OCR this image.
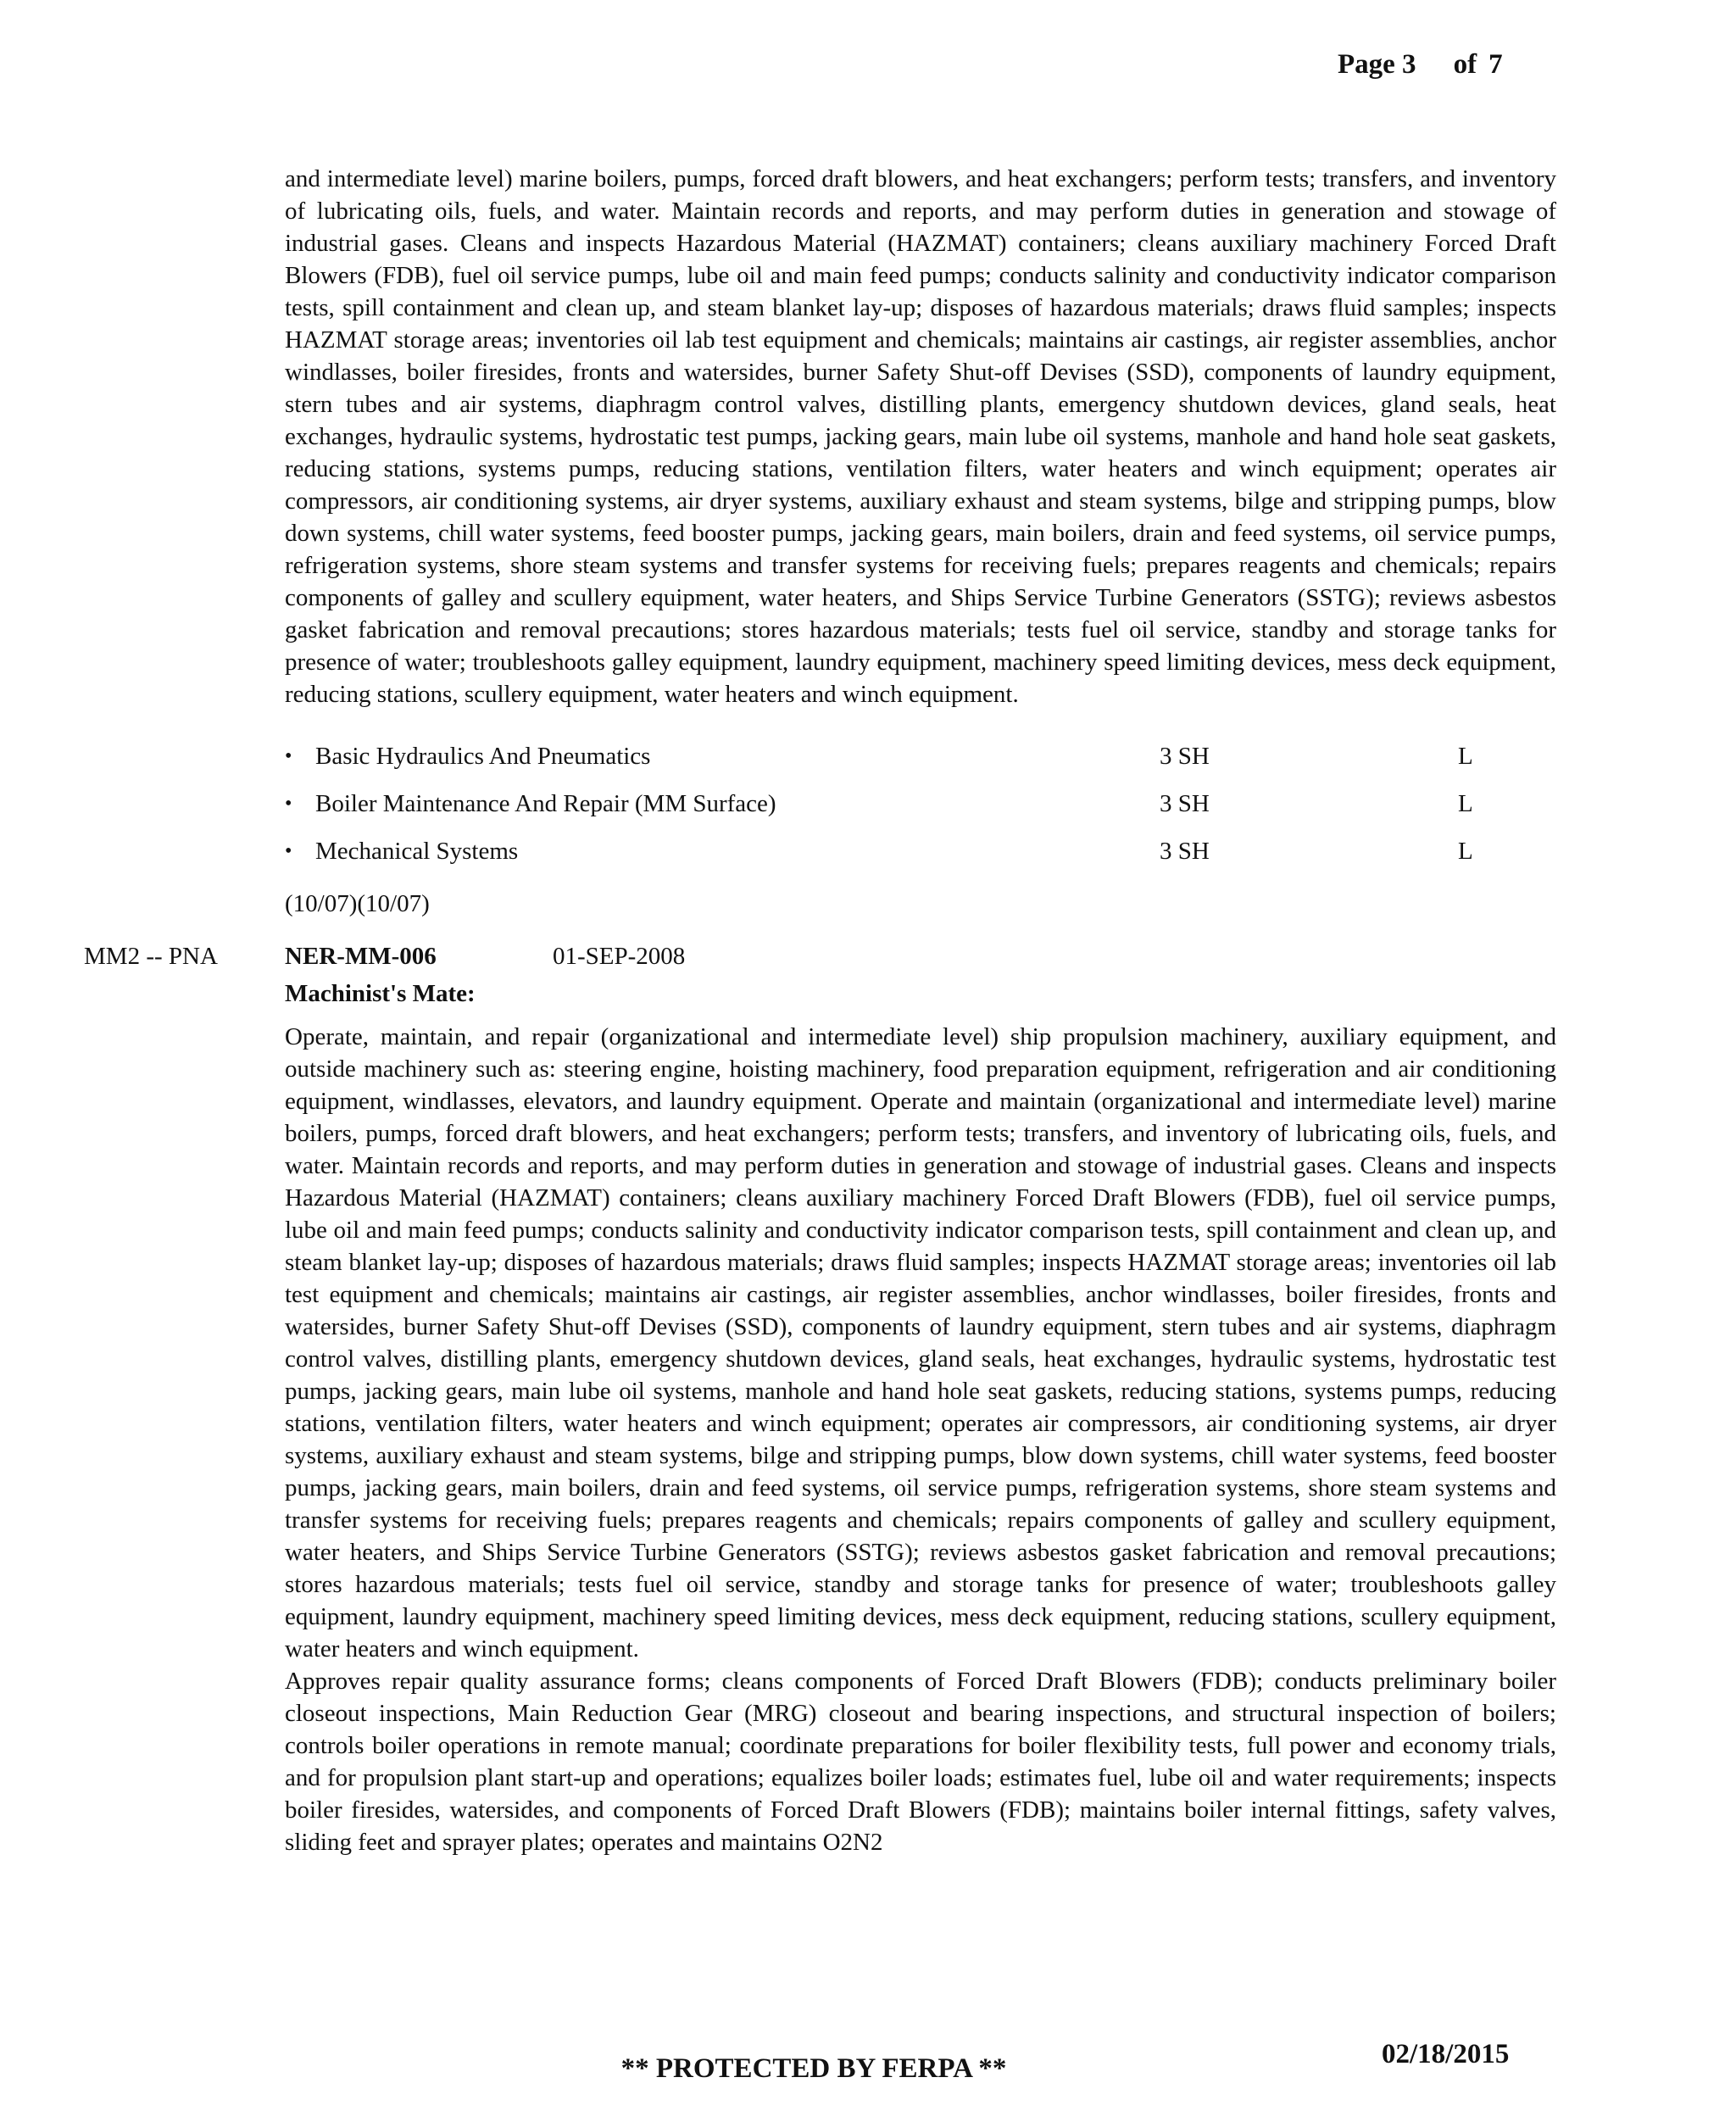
Page 3 of 7

and intermediate level) marine boilers, pumps, forced draft blowers, and heat exchangers; perform tests; transfers, and inventory of lubricating oils, fuels, and water. Maintain records and reports, and may perform duties in generation and stowage of industrial gases. Cleans and inspects Hazardous Material (HAZMAT) containers; cleans auxiliary machinery Forced Draft Blowers (FDB), fuel oil service pumps, lube oil and main feed pumps; conducts salinity and conductivity indicator comparison tests, spill containment and clean up, and steam blanket lay-up; disposes of hazardous materials; draws fluid samples; inspects HAZMAT storage areas; inventories oil lab test equipment and chemicals; maintains air castings, air register assemblies, anchor windlasses, boiler firesides, fronts and watersides, burner Safety Shut-off Devises (SSD), components of laundry equipment, stern tubes and air systems, diaphragm control valves, distilling plants, emergency shutdown devices, gland seals, heat exchanges, hydraulic systems, hydrostatic test pumps, jacking gears, main lube oil systems, manhole and hand hole seat gaskets, reducing stations, systems pumps, reducing stations, ventilation filters, water heaters and winch equipment; operates air compressors, air conditioning systems, air dryer systems, auxiliary exhaust and steam systems, bilge and stripping pumps, blow down systems, chill water systems, feed booster pumps, jacking gears, main boilers, drain and feed systems, oil service pumps, refrigeration systems, shore steam systems and transfer systems for receiving fuels; prepares reagents and chemicals; repairs components of galley and scullery equipment, water heaters, and Ships Service Turbine Generators (SSTG); reviews asbestos gasket fabrication and removal precautions; stores hazardous materials; tests fuel oil service, standby and storage tanks for presence of water; troubleshoots galley equipment, laundry equipment, machinery speed limiting devices, mess deck equipment, reducing stations, scullery equipment, water heaters and winch equipment.

• Basic Hydraulics And Pneumatics	3 SH	L
• Boiler Maintenance And Repair (MM Surface)	3 SH	L
• Mechanical Systems	3 SH	L
(10/07)(10/07)
MM2 -- PNA	NER-MM-006	01-SEP-2008
Machinist's Mate:

Operate, maintain, and repair (organizational and intermediate level) ship propulsion machinery, auxiliary equipment, and outside machinery such as: steering engine, hoisting machinery, food preparation equipment, refrigeration and air conditioning equipment, windlasses, elevators, and laundry equipment. Operate and maintain (organizational and intermediate level) marine boilers, pumps, forced draft blowers, and heat exchangers; perform tests; transfers, and inventory of lubricating oils, fuels, and water. Maintain records and reports, and may perform duties in generation and stowage of industrial gases. Cleans and inspects Hazardous Material (HAZMAT) containers; cleans auxiliary machinery Forced Draft Blowers (FDB), fuel oil service pumps, lube oil and main feed pumps; conducts salinity and conductivity indicator comparison tests, spill containment and clean up, and steam blanket lay-up; disposes of hazardous materials; draws fluid samples; inspects HAZMAT storage areas; inventories oil lab test equipment and chemicals; maintains air castings, air register assemblies, anchor windlasses, boiler firesides, fronts and watersides, burner Safety Shut-off Devises (SSD), components of laundry equipment, stern tubes and air systems, diaphragm control valves, distilling plants, emergency shutdown devices, gland seals, heat exchanges, hydraulic systems, hydrostatic test pumps, jacking gears, main lube oil systems, manhole and hand hole seat gaskets, reducing stations, systems pumps, reducing stations, ventilation filters, water heaters and winch equipment; operates air compressors, air conditioning systems, air dryer systems, auxiliary exhaust and steam systems, bilge and stripping pumps, blow down systems, chill water systems, feed booster pumps, jacking gears, main boilers, drain and feed systems, oil service pumps, refrigeration systems, shore steam systems and transfer systems for receiving fuels; prepares reagents and chemicals; repairs components of galley and scullery equipment, water heaters, and Ships Service Turbine Generators (SSTG); reviews asbestos gasket fabrication and removal precautions; stores hazardous materials; tests fuel oil service, standby and storage tanks for presence of water; troubleshoots galley equipment, laundry equipment, machinery speed limiting devices, mess deck equipment, reducing stations, scullery equipment, water heaters and winch equipment.

Approves repair quality assurance forms; cleans components of Forced Draft Blowers (FDB); conducts preliminary boiler closeout inspections, Main Reduction Gear (MRG) closeout and bearing inspections, and structural inspection of boilers; controls boiler operations in remote manual; coordinate preparations for boiler flexibility tests, full power and economy trials, and for propulsion plant start-up and operations; equalizes boiler loads; estimates fuel, lube oil and water requirements; inspects boiler firesides, watersides, and components of Forced Draft Blowers (FDB); maintains boiler internal fittings, safety valves, sliding feet and sprayer plates; operates and maintains O2N2

02/18/2015
** PROTECTED BY FERPA **
